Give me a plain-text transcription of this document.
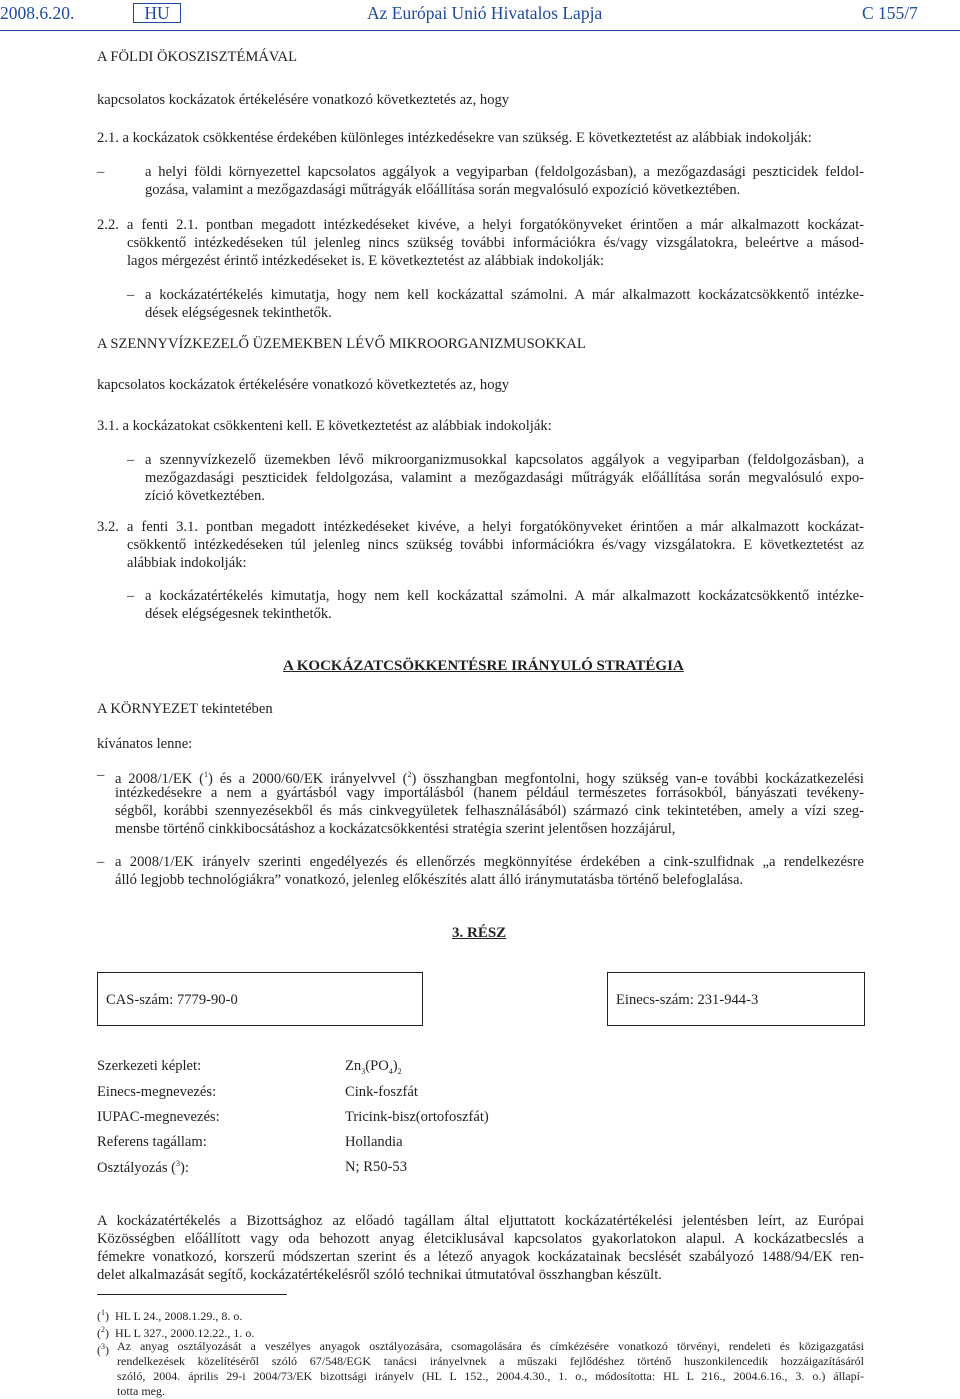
2008.6.20.	HU	Az Európai Unió Hivatalos Lapja	C 155/7
A FÖLDI ÖKOSZISZTÉMÁVAL
kapcsolatos kockázatok értékelésére vonatkozó következtetés az, hogy
2.1. a kockázatok csökkentése érdekében különleges intézkedésekre van szükség. E következtetést az alábbiak indokolják:
–	a helyi földi környezettel kapcsolatos aggályok a vegyiparban (feldolgozásban), a mezőgazdasági peszticidek feldol-
gozása, valamint a mezőgazdasági műtrágyák előállítása során megvalósuló expozíció következtében.
2.2. a fenti 2.1. pontban megadott intézkedéseket kivéve, a helyi forgatókönyveket érintően a már alkalmazott kockázat-
csökkentő intézkedéseken túl jelenleg nincs szükség további információkra és/vagy vizsgálatokra, beleértve a másod-
lagos mérgezést érintő intézkedéseket is. E következtetést az alábbiak indokolják:
– a kockázatértékelés kimutatja, hogy nem kell kockázattal számolni. A már alkalmazott kockázatcsökkentő intézke-
dések elégségesnek tekinthetők.
A SZENNYVÍZKEZELŐ ÜZEMEKBEN LÉVŐ MIKROORGANIZMUSOKKAL
kapcsolatos kockázatok értékelésére vonatkozó következtetés az, hogy
3.1. a kockázatokat csökkenteni kell. E következtetést az alábbiak indokolják:
– a szennyvízkezelő üzemekben lévő mikroorganizmusokkal kapcsolatos aggályok a vegyiparban (feldolgozásban), a
mezőgazdasági peszticidek feldolgozása, valamint a mezőgazdasági műtrágyák előállítása során megvalósuló expo-
zíció következtében.
3.2. a fenti 3.1. pontban megadott intézkedéseket kivéve, a helyi forgatókönyveket érintően a már alkalmazott kockázat-
csökkentő intézkedéseken túl jelenleg nincs szükség további információkra és/vagy vizsgálatokra. E következtetést az
alábbiak indokolják:
– a kockázatértékelés kimutatja, hogy nem kell kockázattal számolni. A már alkalmazott kockázatcsökkentő intézke-
dések elégségesnek tekinthetők.
A KOCKÁZATCSÖKKENTÉSRE IRÁNYULÓ STRATÉGIA
A KÖRNYEZET tekintetében
kívánatos lenne:
– a 2008/1/EK ($^1$) és a 2000/60/EK irányelvvel ($^2$) összhangban megfontolni, hogy szükség van-e további kockázatkezelési
intézkedésekre a nem a gyártásból vagy importálásból (hanem például természetes forrásokból, bányászati tevékeny-
ségből, korábbi szennyezésekből és más cinkvegyületek felhasználásából) származó cink tekintetében, amely a vízi szeg-
mensbe történő cinkkibocsátáshoz a kockázatcsökkentési stratégia szerint jelentősen hozzájárul,
– a 2008/1/EK irányelv szerinti engedélyezés és ellenőrzés megkönnyítése érdekében a cink-szulfidnak „a rendelkezésre
álló legjobb technológiákra” vonatkozó, jelenleg előkészítés alatt álló iránymutatásba történő belefoglalása.
3. RÉSZ
CAS-szám: 7779-90-0	Einecs-szám: 231-944-3
Szerkezeti képlet:	$Zn_3(PO_4)_2$
Einecs-megnevezés:	Cink-foszfát
IUPAC-megnevezés:	Tricink-bisz(ortofoszfát)
Referens tagállam:	Hollandia
Osztályozás ($^3$):	N; R50-53
A kockázatértékelés a Bizottsághoz az előadó tagállam által eljuttatott kockázatértékelési jelentésben leírt, az Európai
Közösségben előállított vagy oda behozott anyag életciklusával kapcsolatos gyakorlatokon alapul. A kockázatbecslés a
fémekre vonatkozó, korszerű módszertan szerint és a létező anyagok kockázatainak becslését szabályozó 1488/94/EK ren-
delet alkalmazását segítő, kockázatértékelésről szóló technikai útmutatóval összhangban készült.
($^1$)  HL L 24., 2008.1.29., 8. o.
($^2$)  HL L 327., 2000.12.22., 1. o.
($^3$) Az anyag osztályozását a veszélyes anyagok osztályozására, csomagolására és címkézésére vonatkozó törvényi, rendeleti és közigazgatási
rendelkezések közelítéséről szóló 67/548/EGK tanácsi irányelvnek a műszaki fejlődéshez történő huszonkilencedik hozzáigazításáról
szóló, 2004. április 29-i 2004/73/EK bizottsági irányelv (HL L 152., 2004.4.30., 1. o., módosította: HL L 216., 2004.6.16., 3. o.) állapí-
totta meg.
